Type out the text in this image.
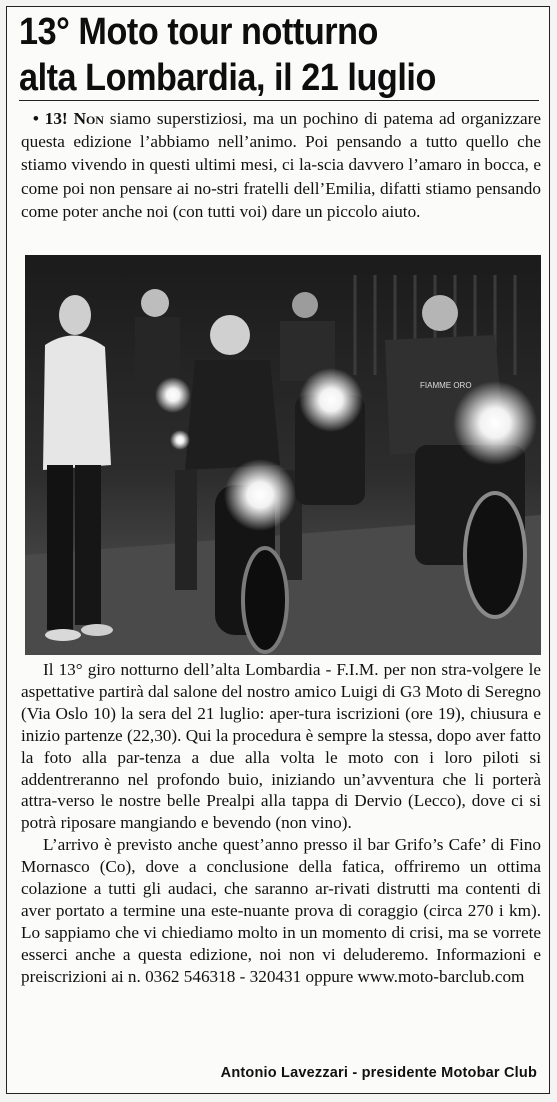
13° Moto tour notturno
alta Lombardia, il 21 luglio
• 13! Non siamo superstiziosi, ma un pochino di patema ad organizzare questa edizione l’abbiamo nell’animo. Poi pensando a tutto quello che stiamo vivendo in questi ultimi mesi, ci la-scia davvero l’amaro in bocca, e come poi non pensare ai no-stri fratelli dell’Emilia, difatti stiamo pensando come poter anche noi (con tutti voi) dare un piccolo aiuto.
FIAMME ORO

Il 13° giro notturno dell’alta Lombardia - F.I.M. per non stra-volgere le aspettative partirà dal salone del nostro amico Luigi di G3 Moto di Seregno (Via Oslo 10) la sera del 21 luglio: aper-tura iscrizioni (ore 19), chiusura e inizio partenze (22,30). Qui la procedura è sempre la stessa, dopo aver fatto la foto alla par-tenza a due alla volta le moto con i loro piloti si addentreranno nel profondo buio, iniziando un’avventura che li porterà attra-verso le nostre belle Prealpi alla tappa di Dervio (Lecco), dove ci si potrà riposare mangiando e bevendo (non vino).

L’arrivo è previsto anche quest’anno presso il bar Grifo’s Cafe’ di Fino Mornasco (Co), dove a conclusione della fatica, offriremo un ottima colazione a tutti gli audaci, che saranno ar-rivati distrutti ma contenti di aver portato a termine una este-nuante prova di coraggio (circa 270 i km). Lo sappiamo che vi chiediamo molto in un momento di crisi, ma se vorrete esserci anche a questa edizione, noi non vi deluderemo. Informazioni e preiscrizioni ai n. 0362 546318 - 320431 oppure www.moto-barclub.com

Antonio Lavezzari - presidente Motobar Club
